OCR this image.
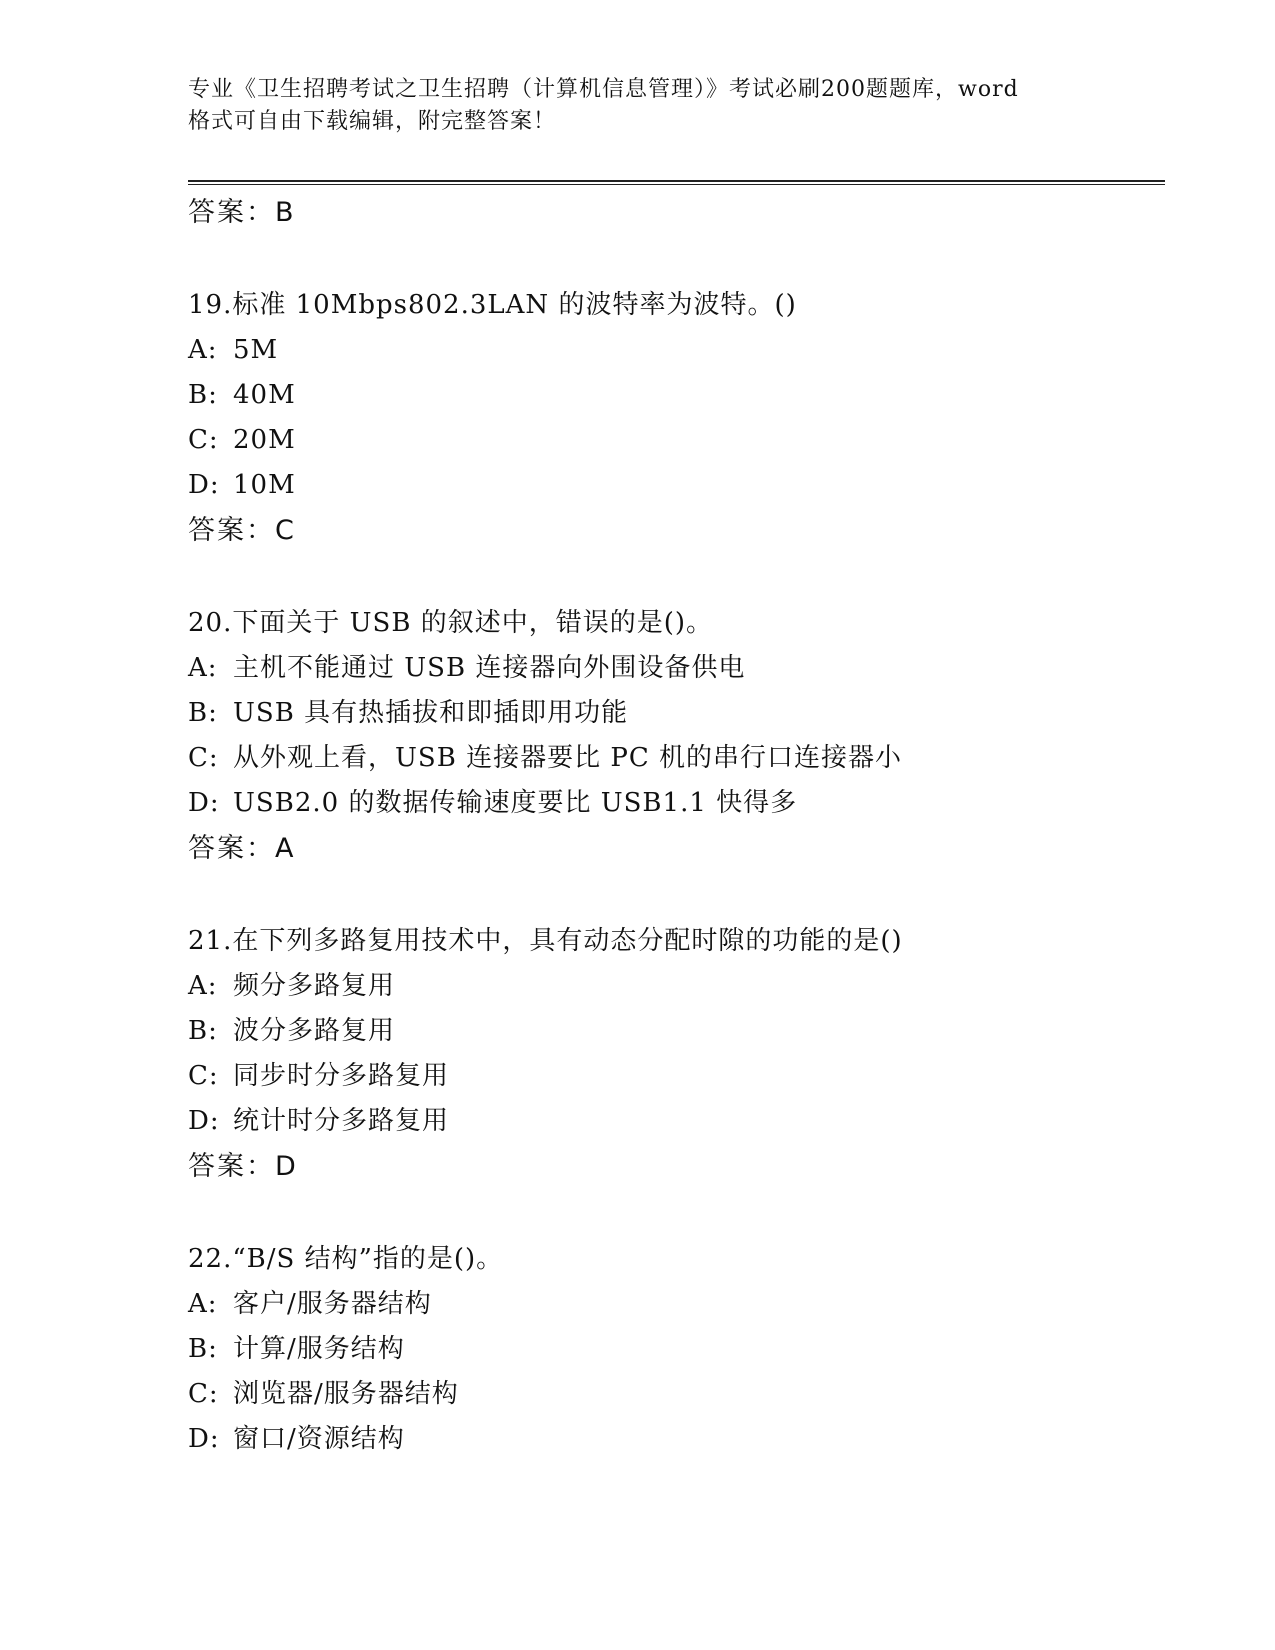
专业《卫生招聘考试之卫生招聘（计算机信息管理）》考试必刷200题题库，word
格式可自由下载编辑，附完整答案！
答案：B
19.标准 10Mbps802.3LAN 的波特率为波特。()
A: 5M
B: 40M
C: 20M
D: 10M
答案：C
20.下面关于 USB 的叙述中，错误的是()。
A: 主机不能通过 USB 连接器向外围设备供电
B: USB 具有热插拔和即插即用功能
C: 从外观上看，USB 连接器要比 PC 机的串行口连接器小
D: USB2.0 的数据传输速度要比 USB1.1 快得多
答案：A
21.在下列多路复用技术中，具有动态分配时隙的功能的是()
A: 频分多路复用
B: 波分多路复用
C: 同步时分多路复用
D: 统计时分多路复用
答案：D
22.“B/S 结构”指的是()。
A: 客户/服务器结构
B: 计算/服务结构
C: 浏览器/服务器结构
D: 窗口/资源结构
